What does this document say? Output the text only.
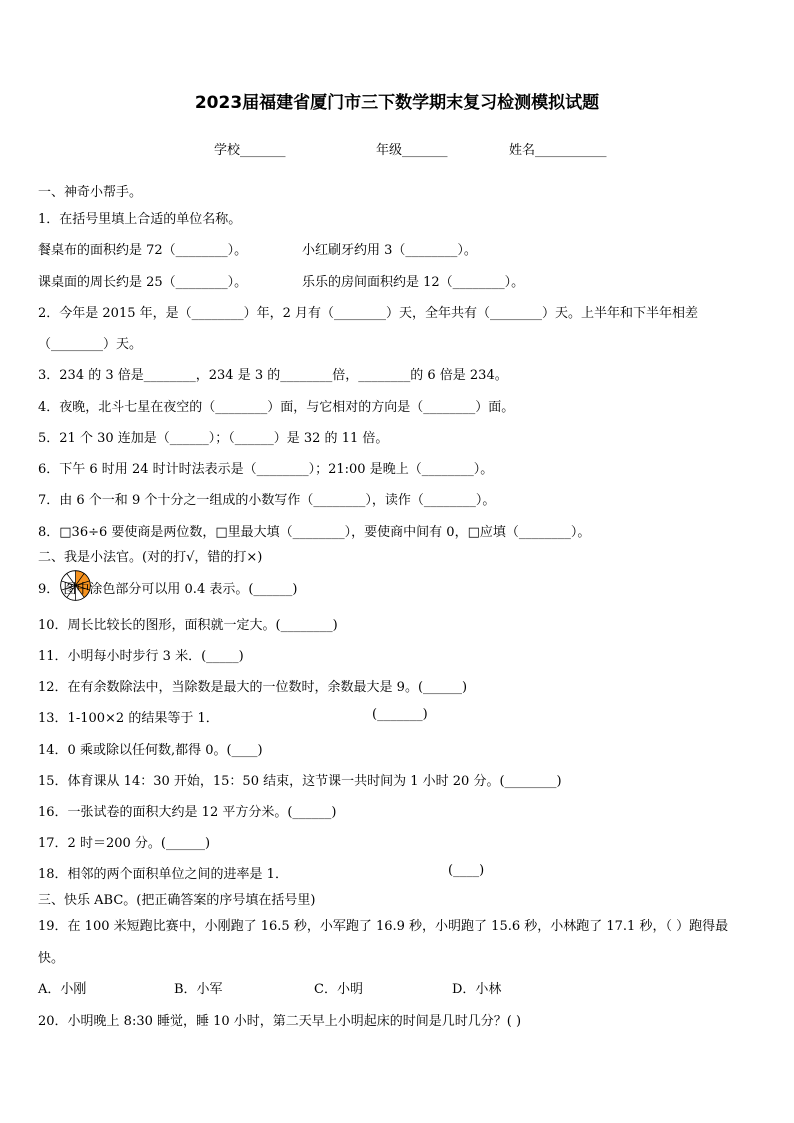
2023届福建省厦门市三下数学期末复习检测模拟试题
学校_______	年级_______	姓名___________
一、神奇小帮手。
1．在括号里填上合适的单位名称。
餐桌布的面积约是 72（________）。	小红刷牙约用 3（________）。
课桌面的周长约是 25（________）。	乐乐的房间面积约是 12（________）。
2．今年是 2015 年，是（________）年，2 月有（________）天，全年共有（________）天。上半年和下半年相差
（________）天。
3．234 的 3 倍是________，234 是 3 的________倍，________的 6 倍是 234。
4．夜晚，北斗七星在夜空的（________）面，与它相对的方向是（________）面。
5．21 个 30 连加是（______）；（______）是 32 的 11 倍。
6．下午 6 时用 24 时计时法表示是（________）；21:00 是晚上（________）。
7．由 6 个一和 9 个十分之一组成的小数写作（________），读作（________）。
8．□36÷6 要使商是两位数，□里最大填（________），要使商中间有 0，□应填（________）。
二、我是小法官。(对的打√，错的打×)
9． 图中涂色部分可以用 0.4 表示。(______)
10．周长比较长的图形，面积就一定大。(________)
11．小明每小时步行 3 米．(_____)
12．在有余数除法中，当除数是最大的一位数时，余数最大是 9。(______)
13．1-100×2 的结果等于 1．	(_______)
14．0 乘或除以任何数,都得 0。(____)
15．体育课从 14：30 开始，15：50 结束，这节课一共时间为 1 小时 20 分。(________)
16．一张试卷的面积大约是 12 平方分米。(______)
17．2 时＝200 分。(______)
18．相邻的两个面积单位之间的进率是 1．	(____)
三、快乐 ABC。(把正确答案的序号填在括号里)
19．在 100 米短跑比赛中，小刚跑了 16.5 秒，小军跑了 16.9 秒，小明跑了 15.6 秒，小林跑了 17.1 秒，（ ）跑得最
快。
A．小刚	B．小军	C．小明	D．小林
20．小明晚上 8:30 睡觉，睡 10 小时，第二天早上小明起床的时间是几时几分？( )
